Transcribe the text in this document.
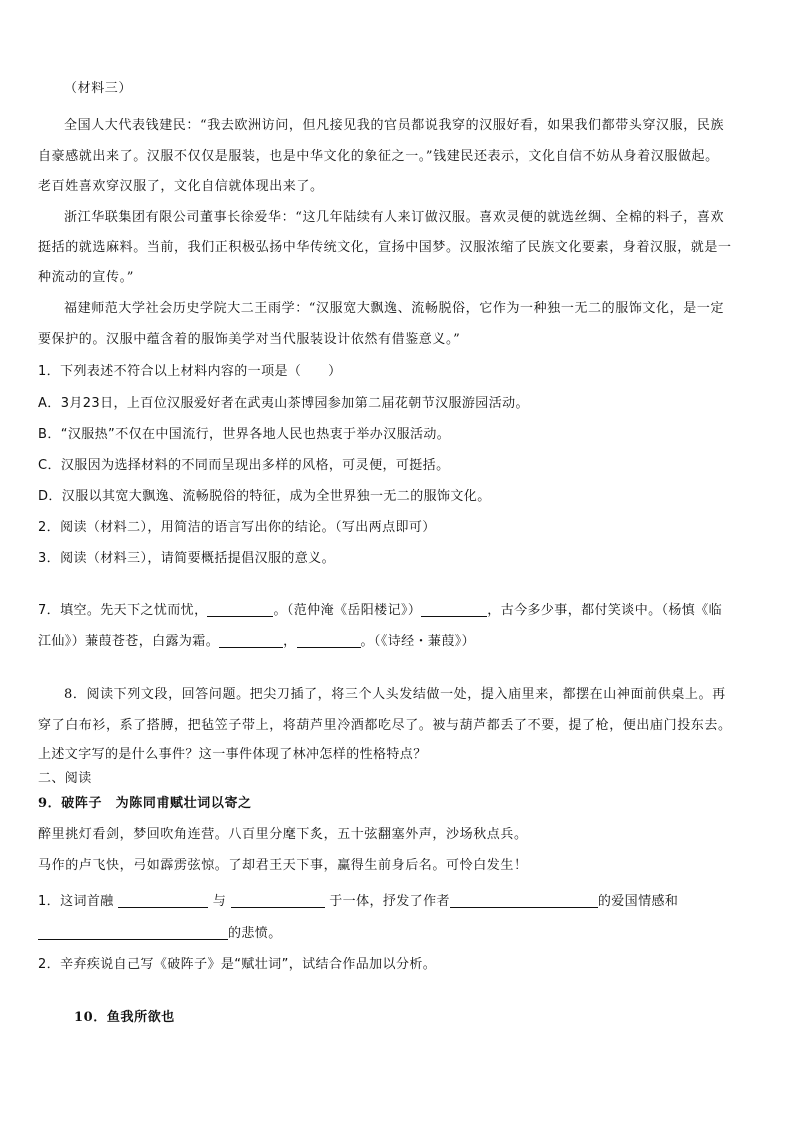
（材料三）
全国人大代表钱建民：“我去欧洲访问，但凡接见我的官员都说我穿的汉服好看，如果我们都带头穿汉服，民族
自豪感就出来了。汉服不仅仅是服装，也是中华文化的象征之一。”钱建民还表示，文化自信不妨从身着汉服做起。
老百姓喜欢穿汉服了，文化自信就体现出来了。
浙江华联集团有限公司董事长徐爱华：“这几年陆续有人来订做汉服。喜欢灵便的就选丝绸、全棉的料子，喜欢
挺括的就选麻料。当前，我们正积极弘扬中华传统文化，宣扬中国梦。汉服浓缩了民族文化要素，身着汉服，就是一
种流动的宣传。”
福建师范大学社会历史学院大二王雨学：“汉服宽大飘逸、流畅脱俗，它作为一种独一无二的服饰文化，是一定
要保护的。汉服中蕴含着的服饰美学对当代服装设计依然有借鉴意义。”
1．下列表述不符合以上材料内容的一项是（　　）
A．3月23日，上百位汉服爱好者在武夷山茶博园参加第二届花朝节汉服游园活动。
B．“汉服热”不仅在中国流行，世界各地人民也热衷于举办汉服活动。
C．汉服因为选择材料的不同而呈现出多样的风格，可灵便，可挺括。
D．汉服以其宽大飘逸、流畅脱俗的特征，成为全世界独一无二的服饰文化。
2．阅读（材料二），用简洁的语言写出你的结论。（写出两点即可）
3．阅读（材料三），请简要概括提倡汉服的意义。
7．填空。先天下之忧而忧，	。（范仲淹《岳阳楼记》）	，古今多少事，都付笑谈中。（杨慎《临
江仙》）蒹葭苍苍，白露为霜。	，	。（《诗经・蒹葭》）
8．阅读下列文段，回答问题。把尖刀插了，将三个人头发结做一处，提入庙里来，都摆在山神面前供桌上。再
穿了白布衫，系了搭膊，把毡笠子带上，将葫芦里冷酒都吃尽了。被与葫芦都丢了不要，提了枪，便出庙门投东去。
上述文字写的是什么事件？这一事件体现了林冲怎样的性格特点？
二、阅读
9．破阵子　为陈同甫赋壮词以寄之
醉里挑灯看剑，梦回吹角连营。八百里分麾下炙，五十弦翻塞外声，沙场秋点兵。
马作的卢飞快，弓如霹雳弦惊。了却君王天下事，赢得生前身后名。可怜白发生！
1．这词首融	与	于一体，抒发了作者	的爱国情感和
的悲愤。
2．辛弃疾说自己写《破阵子》是“赋壮词”，试结合作品加以分析。
10．鱼我所欲也
